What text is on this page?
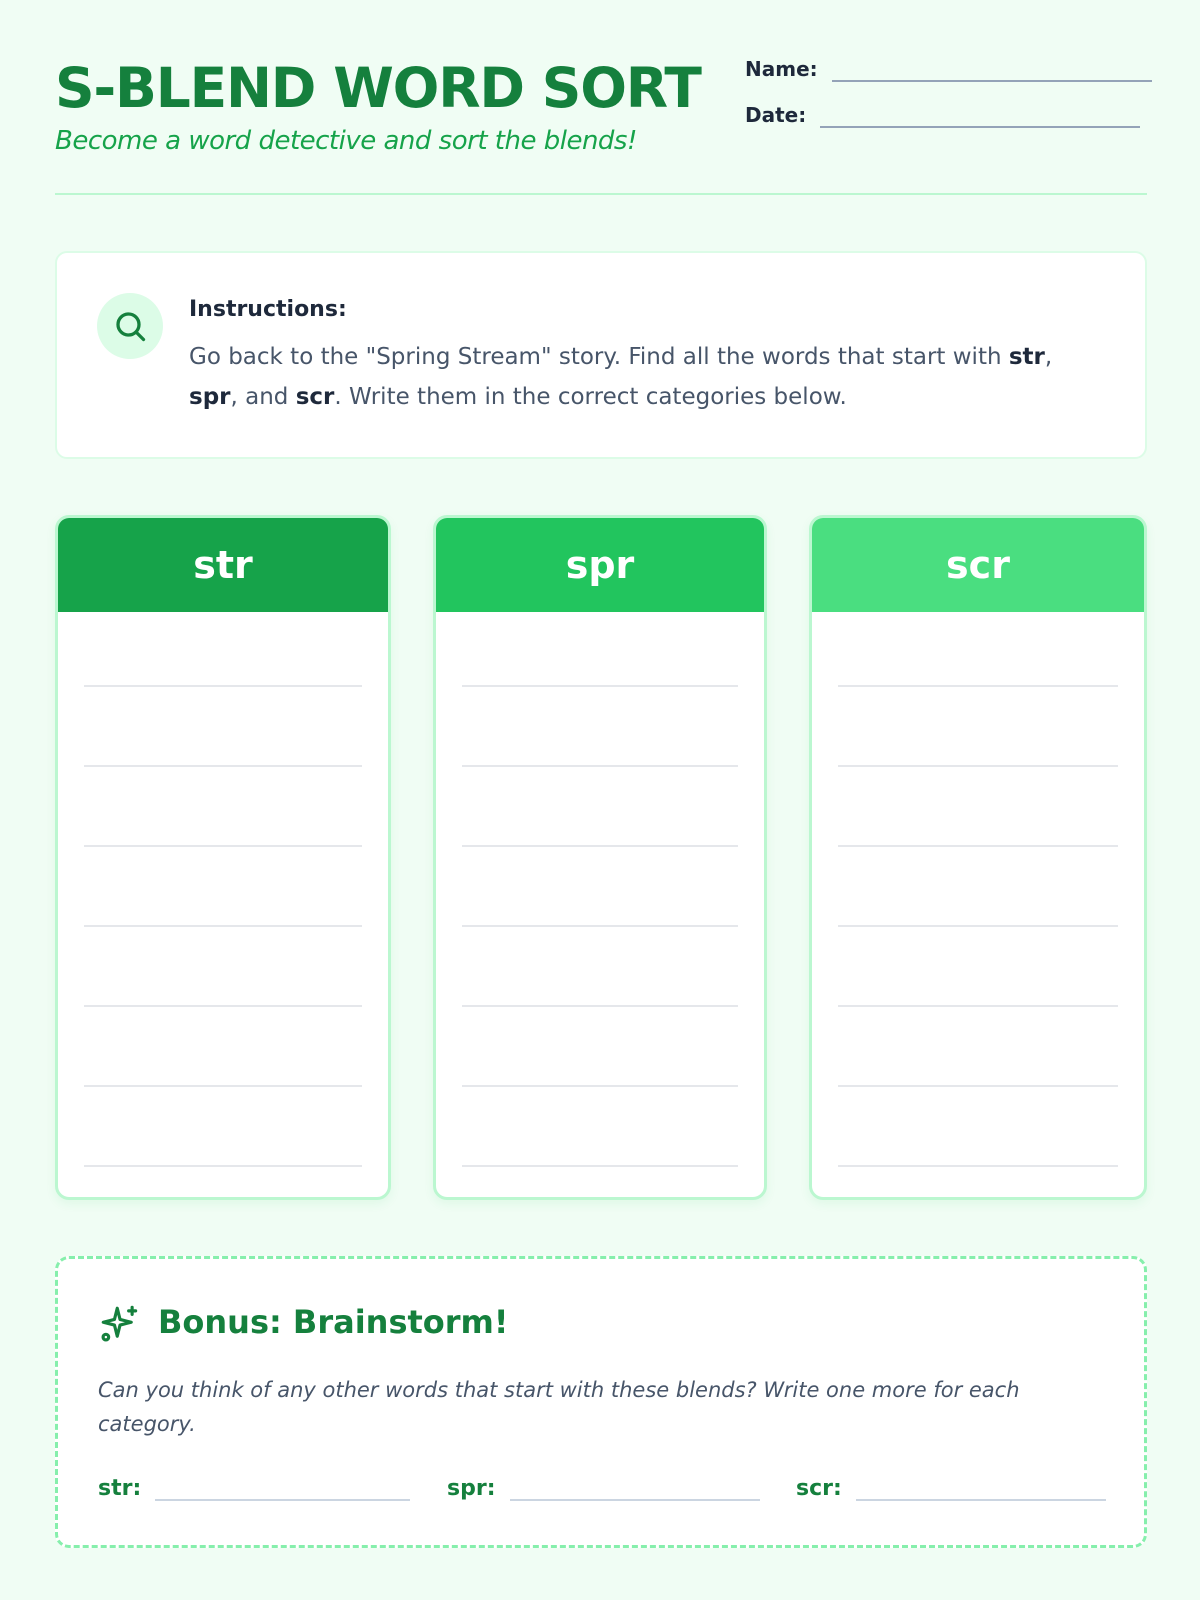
S-BLEND WORD SORT
Become a word detective and sort the blends!
Name:
Date:
Instructions:
Go back to the "Spring Stream" story. Find all the words that start with str, spr, and scr. Write them in the correct categories below.
str	spr	scr
Bonus: Brainstorm!
Can you think of any other words that start with these blends? Write one more for each category.
str:	spr:	scr:
